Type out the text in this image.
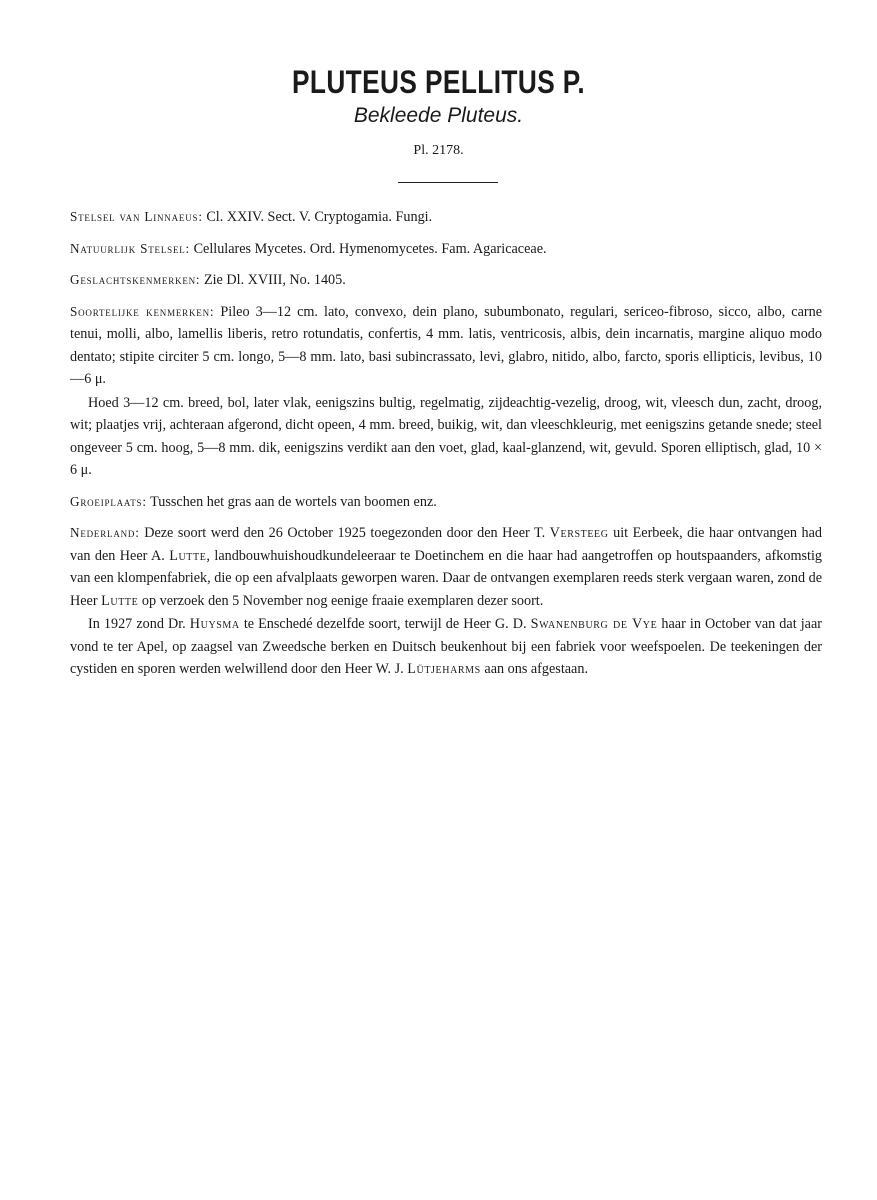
PLUTEUS PELLITUS P.
Bekleede Pluteus.
Pl. 2178.

Stelsel van Linnaeus: Cl. XXIV. Sect. V. Cryptogamia. Fungi.

Natuurlijk Stelsel: Cellulares Mycetes. Ord. Hymenomycetes. Fam. Agaricaceae.

Geslachtskenmerken: Zie Dl. XVIII, No. 1405.

Soortelijke kenmerken: Pileo 3—12 cm. lato, convexo, dein plano, subumbonato, regulari, sericeo-fibroso, sicco, albo, carne tenui, molli, albo, lamellis liberis, retro rotundatis, confertis, 4 mm. latis, ventricosis, albis, dein incarnatis, margine aliquo modo dentato; stipite circiter 5 cm. longo, 5—8 mm. lato, basi subincrassato, levi, glabro, nitido, albo, farcto, sporis ellipticis, levibus, 10—6 μ.

Hoed 3—12 cm. breed, bol, later vlak, eenigszins bultig, regelmatig, zijdeachtig-vezelig, droog, wit, vleesch dun, zacht, droog, wit; plaatjes vrij, achteraan afgerond, dicht opeen, 4 mm. breed, buikig, wit, dan vleeschkleurig, met eenigszins getande snede; steel ongeveer 5 cm. hoog, 5—8 mm. dik, eenigszins verdikt aan den voet, glad, kaal-glanzend, wit, gevuld. Sporen elliptisch, glad, 10 × 6 μ.

Groeiplaats: Tusschen het gras aan de wortels van boomen enz.

Nederland: Deze soort werd den 26 October 1925 toegezonden door den Heer T. Versteeg uit Eerbeek, die haar ontvangen had van den Heer A. Lutte, landbouwhuishoudkundeleeraar te Doetinchem en die haar had aangetroffen op houtspaanders, afkomstig van een klompenfabriek, die op een afvalplaats geworpen waren. Daar de ontvangen exemplaren reeds sterk vergaan waren, zond de Heer Lutte op verzoek den 5 November nog eenige fraaie exemplaren dezer soort.

In 1927 zond Dr. Huysma te Enschedé dezelfde soort, terwijl de Heer G. D. Swanenburg de Vye haar in October van dat jaar vond te ter Apel, op zaagsel van Zweedsche berken en Duitsch beukenhout bij een fabriek voor weefspoelen. De teekeningen der cystiden en sporen werden welwillend door den Heer W. J. Lütjeharms aan ons afgestaan.
